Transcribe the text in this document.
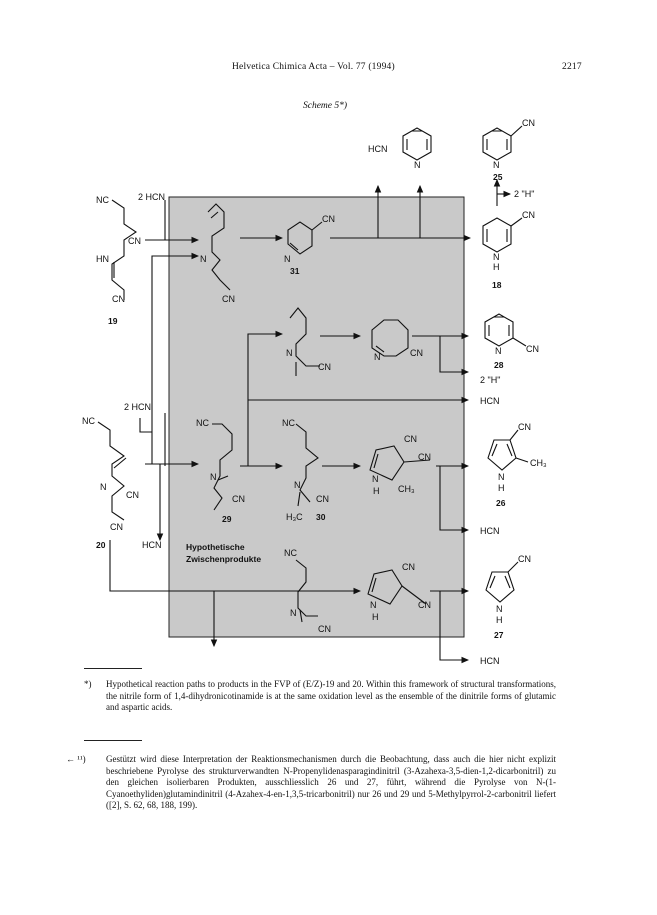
Helvetica Chimica Acta – Vol. 77 (1994)	2217
Scheme 5*)
NC	2 HCN
CN
HN
CN
19
NC
2 HCN
N
CN
CN
20	HCN
N
CN
CN
N
31
N
CN
N	CN
NC
N
CN
29
NC
N
CN
H₃C 30
CN
CN
N
H CH₃
Hypothetische
Zwischenprodukte
NC
N
CN
CN
CN
N
H
HCN
N
CN
N
25
2 "H"
CN
N
H
18
N	CN
28
2 "H"
HCN
CN
CH₃
N
H
26
HCN
CN
N
H
27
HCN
*) Hypothetical reaction paths to products in the FVP of (E/Z)-19 and 20. Within this framework of structural transformations, the nitrile form of 1,4-dihydronicotinamide is at the same oxidation level as the ensemble of the dinitrile forms of glutamic and aspartic acids.
← ¹¹) Gestützt wird diese Interpretation der Reaktionsmechanismen durch die Beobachtung, dass auch die hier nicht explizit beschriebene Pyrolyse des strukturverwandten N-Propenylidenasparagindinitril (3-Azahexa-3,5-dien-1,2-dicarbonitril) zu den gleichen isolierbaren Produkten, ausschliesslich 26 und 27, führt, während die Pyrolyse von N-(1-Cyanoethyliden)glutamindinitril (4-Azahex-4-en-1,3,5-tricarbonitril) nur 26 und 29 und 5-Methylpyrrol-2-carbonitril liefert ([2], S. 62, 68, 188, 199).
